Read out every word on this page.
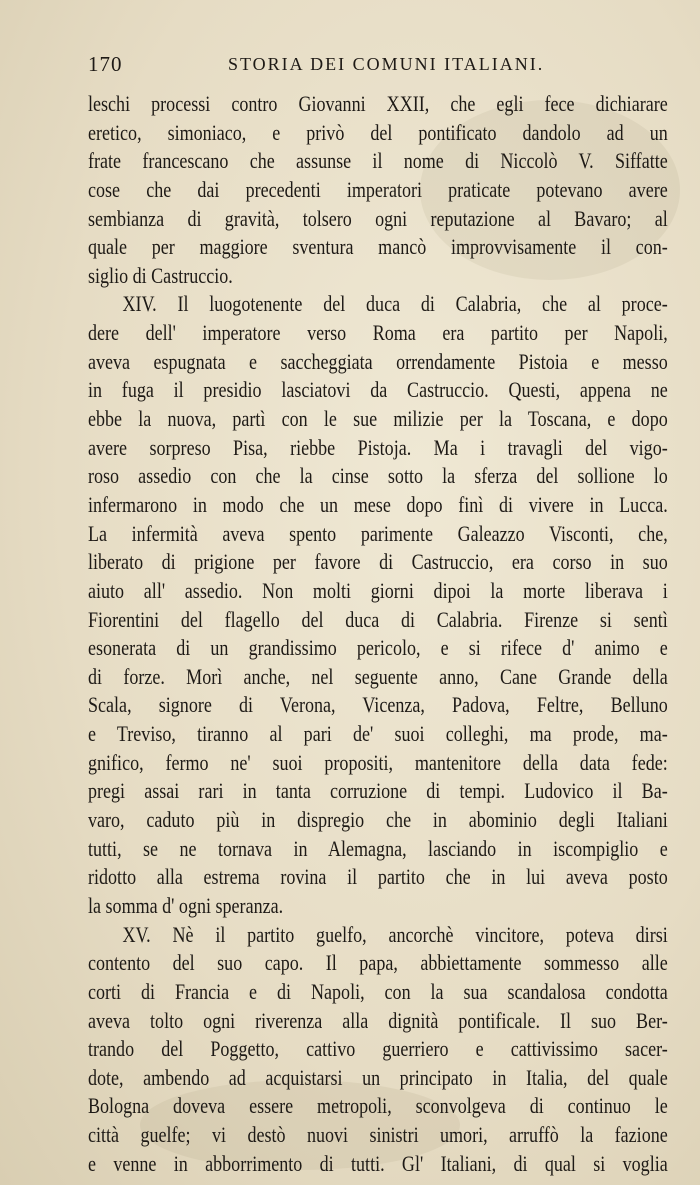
170	STORIA DEI COMUNI ITALIANI.
leschi processi contro Giovanni XXII, che egli fece dichiarare
eretico, simoniaco, e privò del pontificato dandolo ad un
frate francescano che assunse il nome di Niccolò V. Siffatte
cose che dai precedenti imperatori praticate potevano avere
sembianza di gravità, tolsero ogni reputazione al Bavaro; al
quale per maggiore sventura mancò improvvisamente il con-
siglio di Castruccio.
XIV. Il luogotenente del duca di Calabria, che al proce-
dere dell' imperatore verso Roma era partito per Napoli,
aveva espugnata e saccheggiata orrendamente Pistoia e messo
in fuga il presidio lasciatovi da Castruccio. Questi, appena ne
ebbe la nuova, partì con le sue milizie per la Toscana, e dopo
avere sorpreso Pisa, riebbe Pistoja. Ma i travagli del vigo-
roso assedio con che la cinse sotto la sferza del sollione lo
infermarono in modo che un mese dopo finì di vivere in Lucca.
La infermità aveva spento parimente Galeazzo Visconti, che,
liberato di prigione per favore di Castruccio, era corso in suo
aiuto all' assedio. Non molti giorni dipoi la morte liberava i
Fiorentini del flagello del duca di Calabria. Firenze si sentì
esonerata di un grandissimo pericolo, e si rifece d' animo e
di forze. Morì anche, nel seguente anno, Cane Grande della
Scala, signore di Verona, Vicenza, Padova, Feltre, Belluno
e Treviso, tiranno al pari de' suoi colleghi, ma prode, ma-
gnifico, fermo ne' suoi propositi, mantenitore della data fede:
pregi assai rari in tanta corruzione di tempi. Ludovico il Ba-
varo, caduto più in dispregio che in abominio degli Italiani
tutti, se ne tornava in Alemagna, lasciando in iscompiglio e
ridotto alla estrema rovina il partito che in lui aveva posto
la somma d' ogni speranza.
XV. Nè il partito guelfo, ancorchè vincitore, poteva dirsi
contento del suo capo. Il papa, abbiettamente sommesso alle
corti di Francia e di Napoli, con la sua scandalosa condotta
aveva tolto ogni riverenza alla dignità pontificale. Il suo Ber-
trando del Poggetto, cattivo guerriero e cattivissimo sacer-
dote, ambendo ad acquistarsi un principato in Italia, del quale
Bologna doveva essere metropoli, sconvolgeva di continuo le
città guelfe; vi destò nuovi sinistri umori, arruffò la fazione
e venne in abborrimento di tutti. Gl' Italiani, di qual si voglia
